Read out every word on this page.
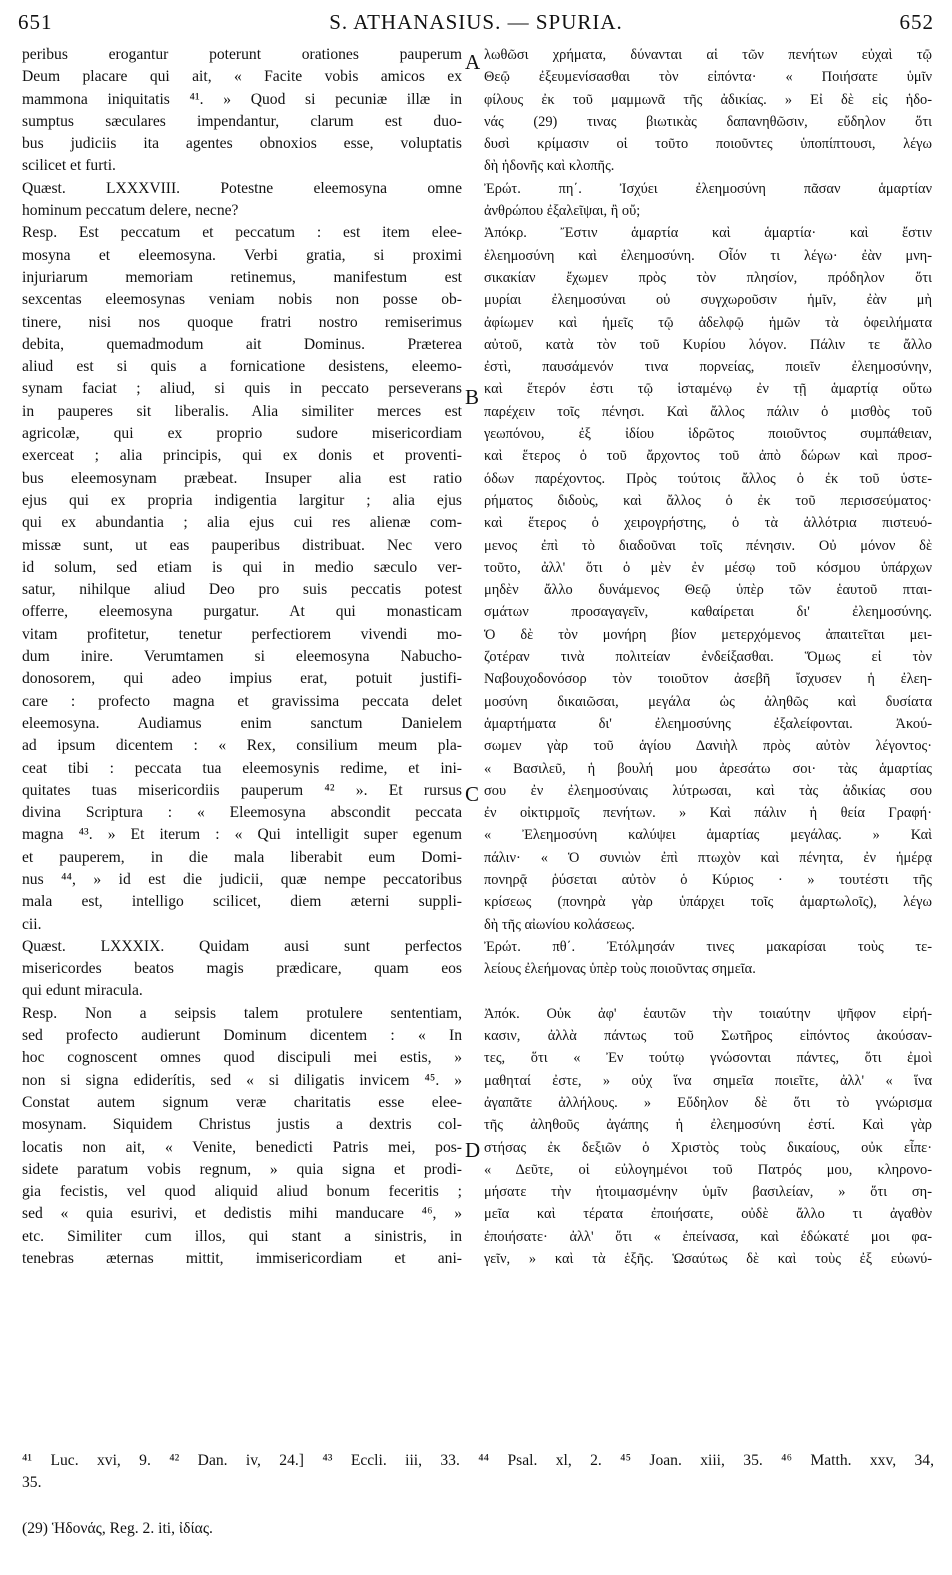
651	S. ATHANASIUS. — SPURIA.	652
peribus erogantur poterunt orationes pauperum
Deum placare qui ait, « Facite vobis amicos ex
mammona iniquitatis ⁴¹. » Quod si pecuniæ illæ in
sumptus sæculares impendantur, clarum est duo-
bus judiciis ita agentes obnoxios esse, voluptatis
scilicet et furti.
Quæst. LXXXVIII. Potestne eleemosyna omne
hominum peccatum delere, necne?
Resp. Est peccatum et peccatum : est item elee-
mosyna et eleemosyna. Verbi gratia, si proximi
injuriarum memoriam retinemus, manifestum est
sexcentas eleemosynas veniam nobis non posse ob-
tinere, nisi nos quoque fratri nostro remiserimus
debita, quemadmodum ait Dominus. Præterea
aliud est si quis a fornicatione desistens, eleemo-
synam faciat ; aliud, si quis in peccato perseverans
in pauperes sit liberalis. Alia similiter merces est
agricolæ, qui ex proprio sudore misericordiam
exerceat ; alia principis, qui ex donis et proventi-
bus eleemosynam præbeat. Insuper alia est ratio
ejus qui ex propria indigentia largitur ; alia ejus
qui ex abundantia ; alia ejus cui res alienæ com-
missæ sunt, ut eas pauperibus distribuat. Nec vero
id solum, sed etiam is qui in medio sæculo ver-
satur, nihilque aliud Deo pro suis peccatis potest
offerre, eleemosyna purgatur. At qui monasticam
vitam profitetur, tenetur perfectiorem vivendi mo-
dum inire. Verumtamen si eleemosyna Nabucho-
donosorem, qui adeo impius erat, potuit justifi-
care : profecto magna et gravissima peccata delet
eleemosyna. Audiamus enim sanctum Danielem
ad ipsum dicentem : « Rex, consilium meum pla-
ceat tibi : peccata tua eleemosynis redime, et ini-
quitates tuas misericordiis pauperum ⁴² ». Et rursus
divina Scriptura : « Eleemosyna abscondit peccata
magna ⁴³. » Et iterum : « Qui intelligit super egenum
et pauperem, in die mala liberabit eum Domi-
nus ⁴⁴, » id est die judicii, quæ nempe peccatoribus
mala est, intelligo scilicet, diem æterni suppli-
cii.
Quæst. LXXXIX. Quidam ausi sunt perfectos
misericordes beatos magis prædicare, quam eos
qui edunt miracula.
Resp. Non a seipsis talem protulere sententiam,
sed profecto audierunt Dominum dicentem : « In
hoc cognoscent omnes quod discipuli mei estis, »
non si signa ediderítis, sed « si diligatis invicem ⁴⁵. »
Constat autem signum veræ charitatis esse elee-
mosynam. Siquidem Christus justis a dextris col-
locatis non ait, « Venite, benedicti Patris mei, pos-
sidete paratum vobis regnum, » quia signa et prodi-
gia fecistis, vel quod aliquid aliud bonum feceritis ;
sed « quia esurivi, et dedistis mihi manducare ⁴⁶, »
etc. Similiter cum illos, qui stant a sinistris, in
tenebras æternas mittit, immisericordiam et ani-
λωθῶσι χρήματα, δύνανται αἱ τῶν πενήτων εὐχαὶ τῷ
Θεῷ ἐξευμενίσασθαι τὸν εἰπόντα· « Ποιήσατε ὑμῖν
φίλους ἐκ τοῦ μαμμωνᾶ τῆς ἀδικίας. » Εἰ δὲ εἰς ἡδο-
νάς (29) τινας βιωτικὰς δαπανηθῶσιν, εὔδηλον ὅτι
δυσὶ κρίμασιν οἱ τοῦτο ποιοῦντες ὑποπίπτουσι, λέγω
δὴ ἡδονῆς καὶ κλοπῆς.
Ἐρώτ. πη΄. Ἰσχύει ἐλεημοσύνη πᾶσαν ἁμαρτίαν
ἀνθρώπου ἐξαλεῖψαι, ἢ οὔ;
Ἀπόκρ. Ἔστιν ἁμαρτία καὶ ἁμαρτία· καὶ ἔστιν
ἐλεημοσύνη καὶ ἐλεημοσύνη. Οἷόν τι λέγω· ἐὰν μνη-
σικακίαν ἔχωμεν πρὸς τὸν πλησίον, πρόδηλον ὅτι
μυρίαι ἐλεημοσύναι οὐ συγχωροῦσιν ἡμῖν, ἐὰν μὴ
ἀφίωμεν καὶ ἡμεῖς τῷ ἀδελφῷ ἡμῶν τὰ ὀφειλήματα
αὐτοῦ, κατὰ τὸν τοῦ Κυρίου λόγον. Πάλιν τε ἄλλο
ἐστὶ, παυσάμενόν τινα πορνείας, ποιεῖν ἐλεημοσύνην,
καὶ ἕτερόν ἐστι τῷ ἱσταμένῳ ἐν τῇ ἁμαρτίᾳ οὕτω
παρέχειν τοῖς πένησι. Καὶ ἄλλος πάλιν ὁ μισθὸς τοῦ
γεωπόνου, ἐξ ἰδίου ἱδρῶτος ποιοῦντος συμπάθειαν,
καὶ ἕτερος ὁ τοῦ ἄρχοντος τοῦ ἀπὸ δώρων καὶ προσ-
όδων παρέχοντος. Πρὸς τούτοις ἄλλος ὁ ἐκ τοῦ ὑστε-
ρήματος διδοὺς, καὶ ἄλλος ὁ ἐκ τοῦ περισσεύματος·
καὶ ἕτερος ὁ χειρογρήστης, ὁ τὰ ἀλλότρια πιστευό-
μενος ἐπὶ τὸ διαδοῦναι τοῖς πένησιν. Οὐ μόνον δὲ
τοῦτο, ἀλλ' ὅτι ὁ μὲν ἐν μέσῳ τοῦ κόσμου ὑπάρχων
μηδὲν ἄλλο δυνάμενος Θεῷ ὑπὲρ τῶν ἑαυτοῦ πται-
σμάτων προσαγαγεῖν, καθαίρεται δι' ἐλεημοσύνης.
Ὁ δὲ τὸν μονήρη βίον μετερχόμενος ἀπαιτεῖται μει-
ζοτέραν τινὰ πολιτείαν ἐνδείξασθαι. Ὅμως εἰ τὸν
Ναβουχοδονόσορ τὸν τοιοῦτον ἀσεβῆ ἴσχυσεν ἡ ἐλεη-
μοσύνη δικαιῶσαι, μεγάλα ὡς ἀληθῶς καὶ δυσίατα
ἁμαρτήματα δι' ἐλεημοσύνης ἐξαλείφονται. Ἀκού-
σωμεν γὰρ τοῦ ἁγίου Δανιὴλ πρὸς αὐτὸν λέγοντος·
« Βασιλεῦ, ἡ βουλή μου ἀρεσάτω σοι· τὰς ἁμαρτίας
σου ἐν ἐλεημοσύναις λύτρωσαι, καὶ τὰς ἀδικίας σου
ἐν οἰκτιρμοῖς πενήτων. » Καὶ πάλιν ἡ θεία Γραφή·
« Ἐλεημοσύνη καλύψει ἁμαρτίας μεγάλας. » Καὶ
πάλιν· « Ὁ συνιὼν ἐπὶ πτωχὸν καὶ πένητα, ἐν ἡμέρᾳ
πονηρᾷ ῥύσεται αὐτὸν ὁ Κύριος · » τουτέστι τῆς
κρίσεως (πονηρὰ γὰρ ὑπάρχει τοῖς ἁμαρτωλοῖς), λέγω
δὴ τῆς αἰωνίου κολάσεως.
Ἐρώτ. πθ΄. Ἐτόλμησάν τινες μακαρίσαι τοὺς τε-
λείους ἐλεήμονας ὑπὲρ τοὺς ποιοῦντας σημεῖα.
Ἀπόκ. Οὐκ ἀφ' ἑαυτῶν τὴν τοιαύτην ψῆφον εἰρή-
κασιν, ἀλλὰ πάντως τοῦ Σωτῆρος εἰπόντος ἀκούσαν-
τες, ὅτι « Ἐν τούτῳ γνώσονται πάντες, ὅτι ἐμοὶ
μαθηταί ἐστε, » οὐχ ἵνα σημεῖα ποιεῖτε, ἀλλ' « ἵνα
ἀγαπᾶτε ἀλλήλους. » Εὔδηλον δὲ ὅτι τὸ γνώρισμα
τῆς ἀληθοῦς ἀγάπης ἡ ἐλεημοσύνη ἐστί. Καὶ γὰρ
στήσας ἐκ δεξιῶν ὁ Χριστὸς τοὺς δικαίους, οὐκ εἶπε·
« Δεῦτε, οἱ εὐλογημένοι τοῦ Πατρός μου, κληρονο-
μήσατε τὴν ἡτοιμασμένην ὑμῖν βασιλείαν, » ὅτι ση-
μεῖα καὶ τέρατα ἐποιήσατε, οὐδὲ ἄλλο τι ἀγαθὸν
ἐποιήσατε· ἀλλ' ὅτι « ἐπείνασα, καὶ ἐδώκατέ μοι φα-
γεῖν, » καὶ τὰ ἑξῆς. Ὡσαύτως δὲ καὶ τοὺς ἐξ εὐωνύ-
A
B
C
D
⁴¹ Luc. xvi, 9. ⁴² Dan. iv, 24.] ⁴³ Eccli. iii, 33. ⁴⁴ Psal. xl, 2. ⁴⁵ Joan. xiii, 35. ⁴⁶ Matth. xxv, 34,
35.
(29) Ἡδονάς, Reg. 2. iti, ἰδίας.
